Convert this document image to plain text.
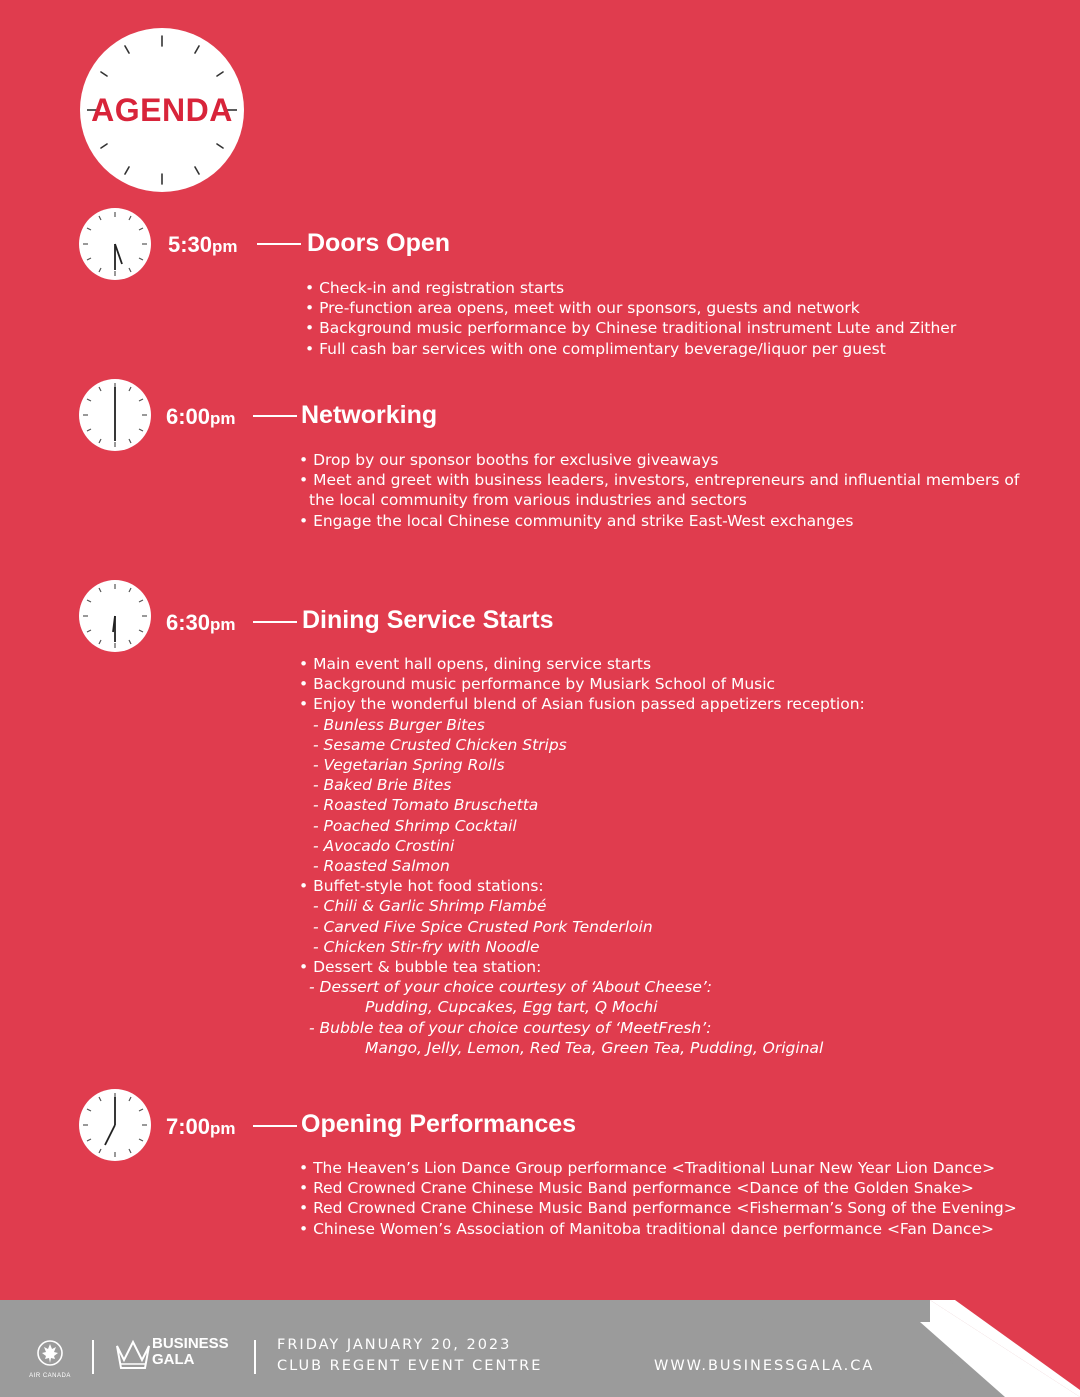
AGENDA
5:30pm	Doors Open
• Check-in and registration starts
• Pre-function area opens, meet with our sponsors, guests and network
• Background music performance by Chinese traditional instrument Lute and Zither
• Full cash bar services with one complimentary beverage/liquor per guest
6:00pm	Networking
• Drop by our sponsor booths for exclusive giveaways
• Meet and greet with business leaders, investors, entrepreneurs and influential members of
the local community from various industries and sectors
• Engage the local Chinese community and strike East-West exchanges
6:30pm	Dining Service Starts
• Main event hall opens, dining service starts
• Background music performance by Musiark School of Music
• Enjoy the wonderful blend of Asian fusion passed appetizers reception:
- Bunless Burger Bites
- Sesame Crusted Chicken Strips
- Vegetarian Spring Rolls
- Baked Brie Bites
- Roasted Tomato Bruschetta
- Poached Shrimp Cocktail
- Avocado Crostini
- Roasted Salmon
• Buffet-style hot food stations:
- Chili & Garlic Shrimp Flambé
- Carved Five Spice Crusted Pork Tenderloin
- Chicken Stir-fry with Noodle
• Dessert & bubble tea station:
- Dessert of your choice courtesy of ‘About Cheese’:
Pudding, Cupcakes, Egg tart, Q Mochi
- Bubble tea of your choice courtesy of ‘MeetFresh’:
Mango, Jelly, Lemon, Red Tea, Green Tea, Pudding, Original
7:00pm	Opening Performances
• The Heaven’s Lion Dance Group performance <Traditional Lunar New Year Lion Dance>
• Red Crowned Crane Chinese Music Band performance <Dance of the Golden Snake>
• Red Crowned Crane Chinese Music Band performance <Fisherman’s Song of the Evening>
• Chinese Women’s Association of Manitoba traditional dance performance <Fan Dance>
AIR CANADA
BUSINESS
GALA
FRIDAY JANUARY 20, 2023
CLUB REGENT EVENT CENTRE	WWW.BUSINESSGALA.CA
